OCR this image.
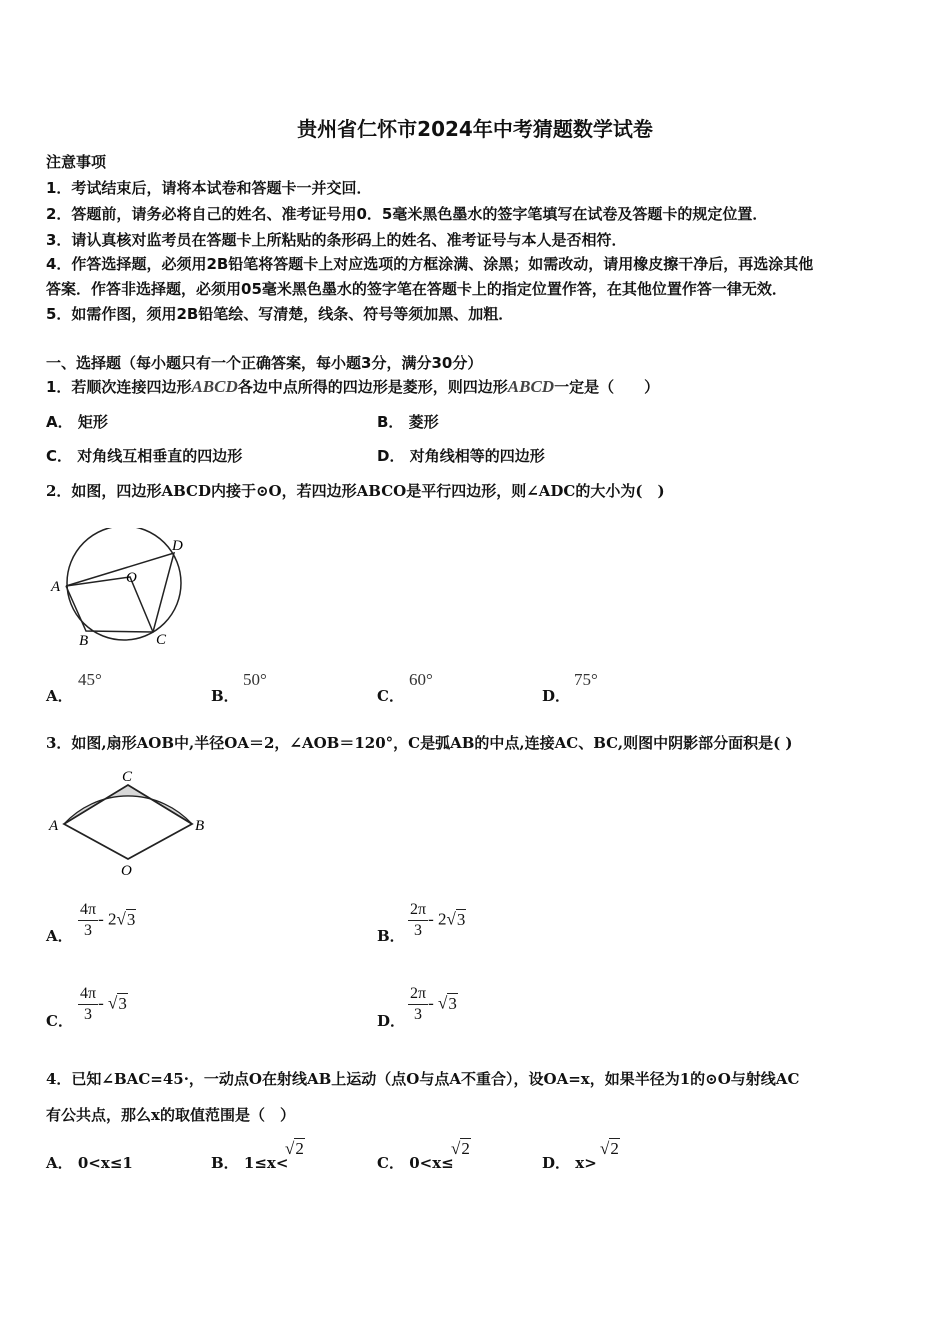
贵州省仁怀市2024年中考猜题数学试卷
注意事项
1．考试结束后，请将本试卷和答题卡一并交回．
2．答题前，请务必将自己的姓名、准考证号用0．5毫米黑色墨水的签字笔填写在试卷及答题卡的规定位置．
3．请认真核对监考员在答题卡上所粘贴的条形码上的姓名、准考证号与本人是否相符．
4．作答选择题，必须用2B铅笔将答题卡上对应选项的方框涂满、涂黑；如需改动，请用橡皮擦干净后，再选涂其他
答案．作答非选择题，必须用05毫米黑色墨水的签字笔在答题卡上的指定位置作答，在其他位置作答一律无效．
5．如需作图，须用2B铅笔绘、写清楚，线条、符号等须加黑、加粗．
一、选择题（每小题只有一个正确答案，每小题3分，满分30分）
1．若顺次连接四边形ABCD各边中点所得的四边形是菱形，则四边形ABCD一定是（　　）
A． 矩形	B． 菱形
C． 对角线互相垂直的四边形	D． 对角线相等的四边形
2．如图，四边形ABCD内接于⊙O，若四边形ABCO是平行四边形，则∠ADC的大小为(　)
A
B	C
D
O
A．
45°
B．
50°
C．
60°
D．
75°
3．如图,扇形AOB中,半径OA＝2，∠AOB＝120°，C是弧AB的中点,连接AC、BC,则图中阴影部分面积是( )
C
A	B
O
A． $\frac{4\pi}{3} - 2√3$
B． $\frac{2\pi}{3} - 2√3$
C． $\frac{4\pi}{3} - √3$
D． $\frac{2\pi}{3} - √3$
4．已知∠BAC=45·，一动点O在射线AB上运动（点O与点A不重合），设OA=x，如果半径为1的⊙O与射线AC
有公共点，那么x的取值范围是（　）
A． 0<x≤1	B． 1≤x<
√2
C． 0<x≤
√2
D． x>
√2
